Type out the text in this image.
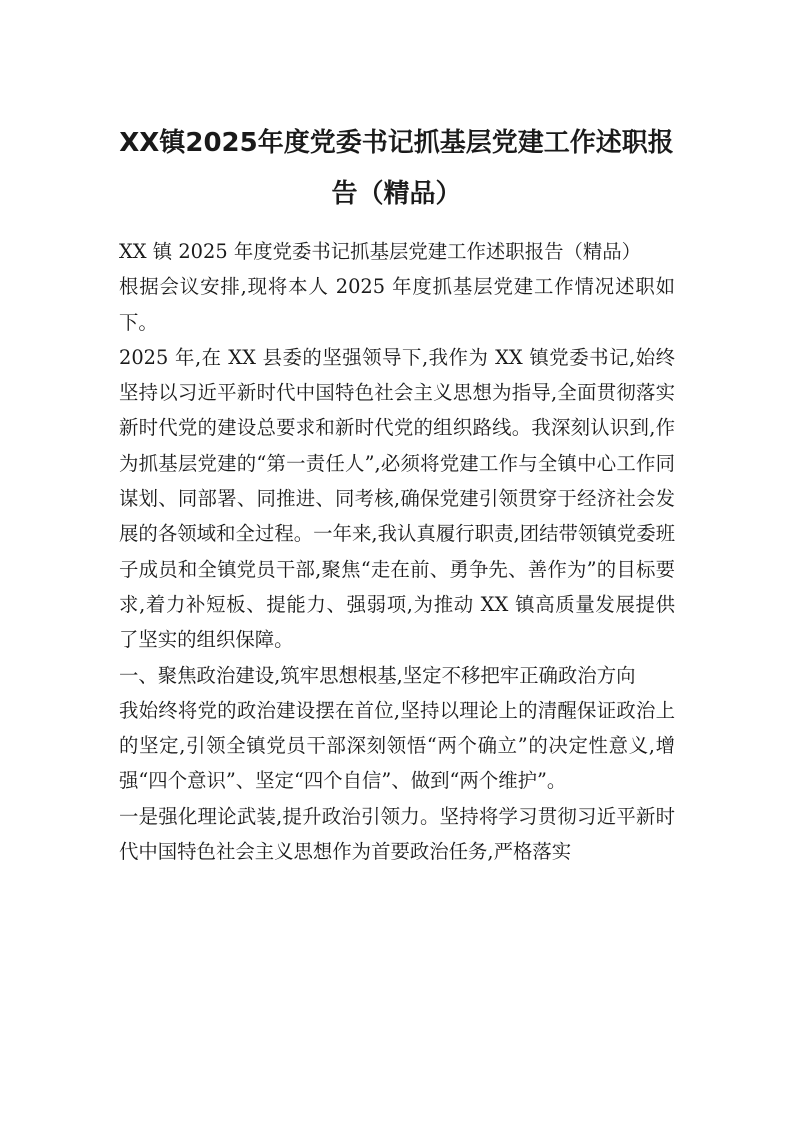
XX镇2025年度党委书记抓基层党建工作述职报告（精品）

XX 镇 2025 年度党委书记抓基层党建工作述职报告（精品）

根据会议安排,现将本人 2025 年度抓基层党建工作情况述职如下。

2025 年,在 XX 县委的坚强领导下,我作为 XX 镇党委书记,始终坚持以习近平新时代中国特色社会主义思想为指导,全面贯彻落实新时代党的建设总要求和新时代党的组织路线。我深刻认识到,作为抓基层党建的“第一责任人”,必须将党建工作与全镇中心工作同谋划、同部署、同推进、同考核,确保党建引领贯穿于经济社会发展的各领域和全过程。一年来,我认真履行职责,团结带领镇党委班子成员和全镇党员干部,聚焦“走在前、勇争先、善作为”的目标要求,着力补短板、提能力、强弱项,为推动 XX 镇高质量发展提供了坚实的组织保障。

一、聚焦政治建设,筑牢思想根基,坚定不移把牢正确政治方向

我始终将党的政治建设摆在首位,坚持以理论上的清醒保证政治上的坚定,引领全镇党员干部深刻领悟“两个确立”的决定性意义,增强“四个意识”、坚定“四个自信”、做到“两个维护”。

一是强化理论武装,提升政治引领力。坚持将学习贯彻习近平新时代中国特色社会主义思想作为首要政治任务,严格落实
